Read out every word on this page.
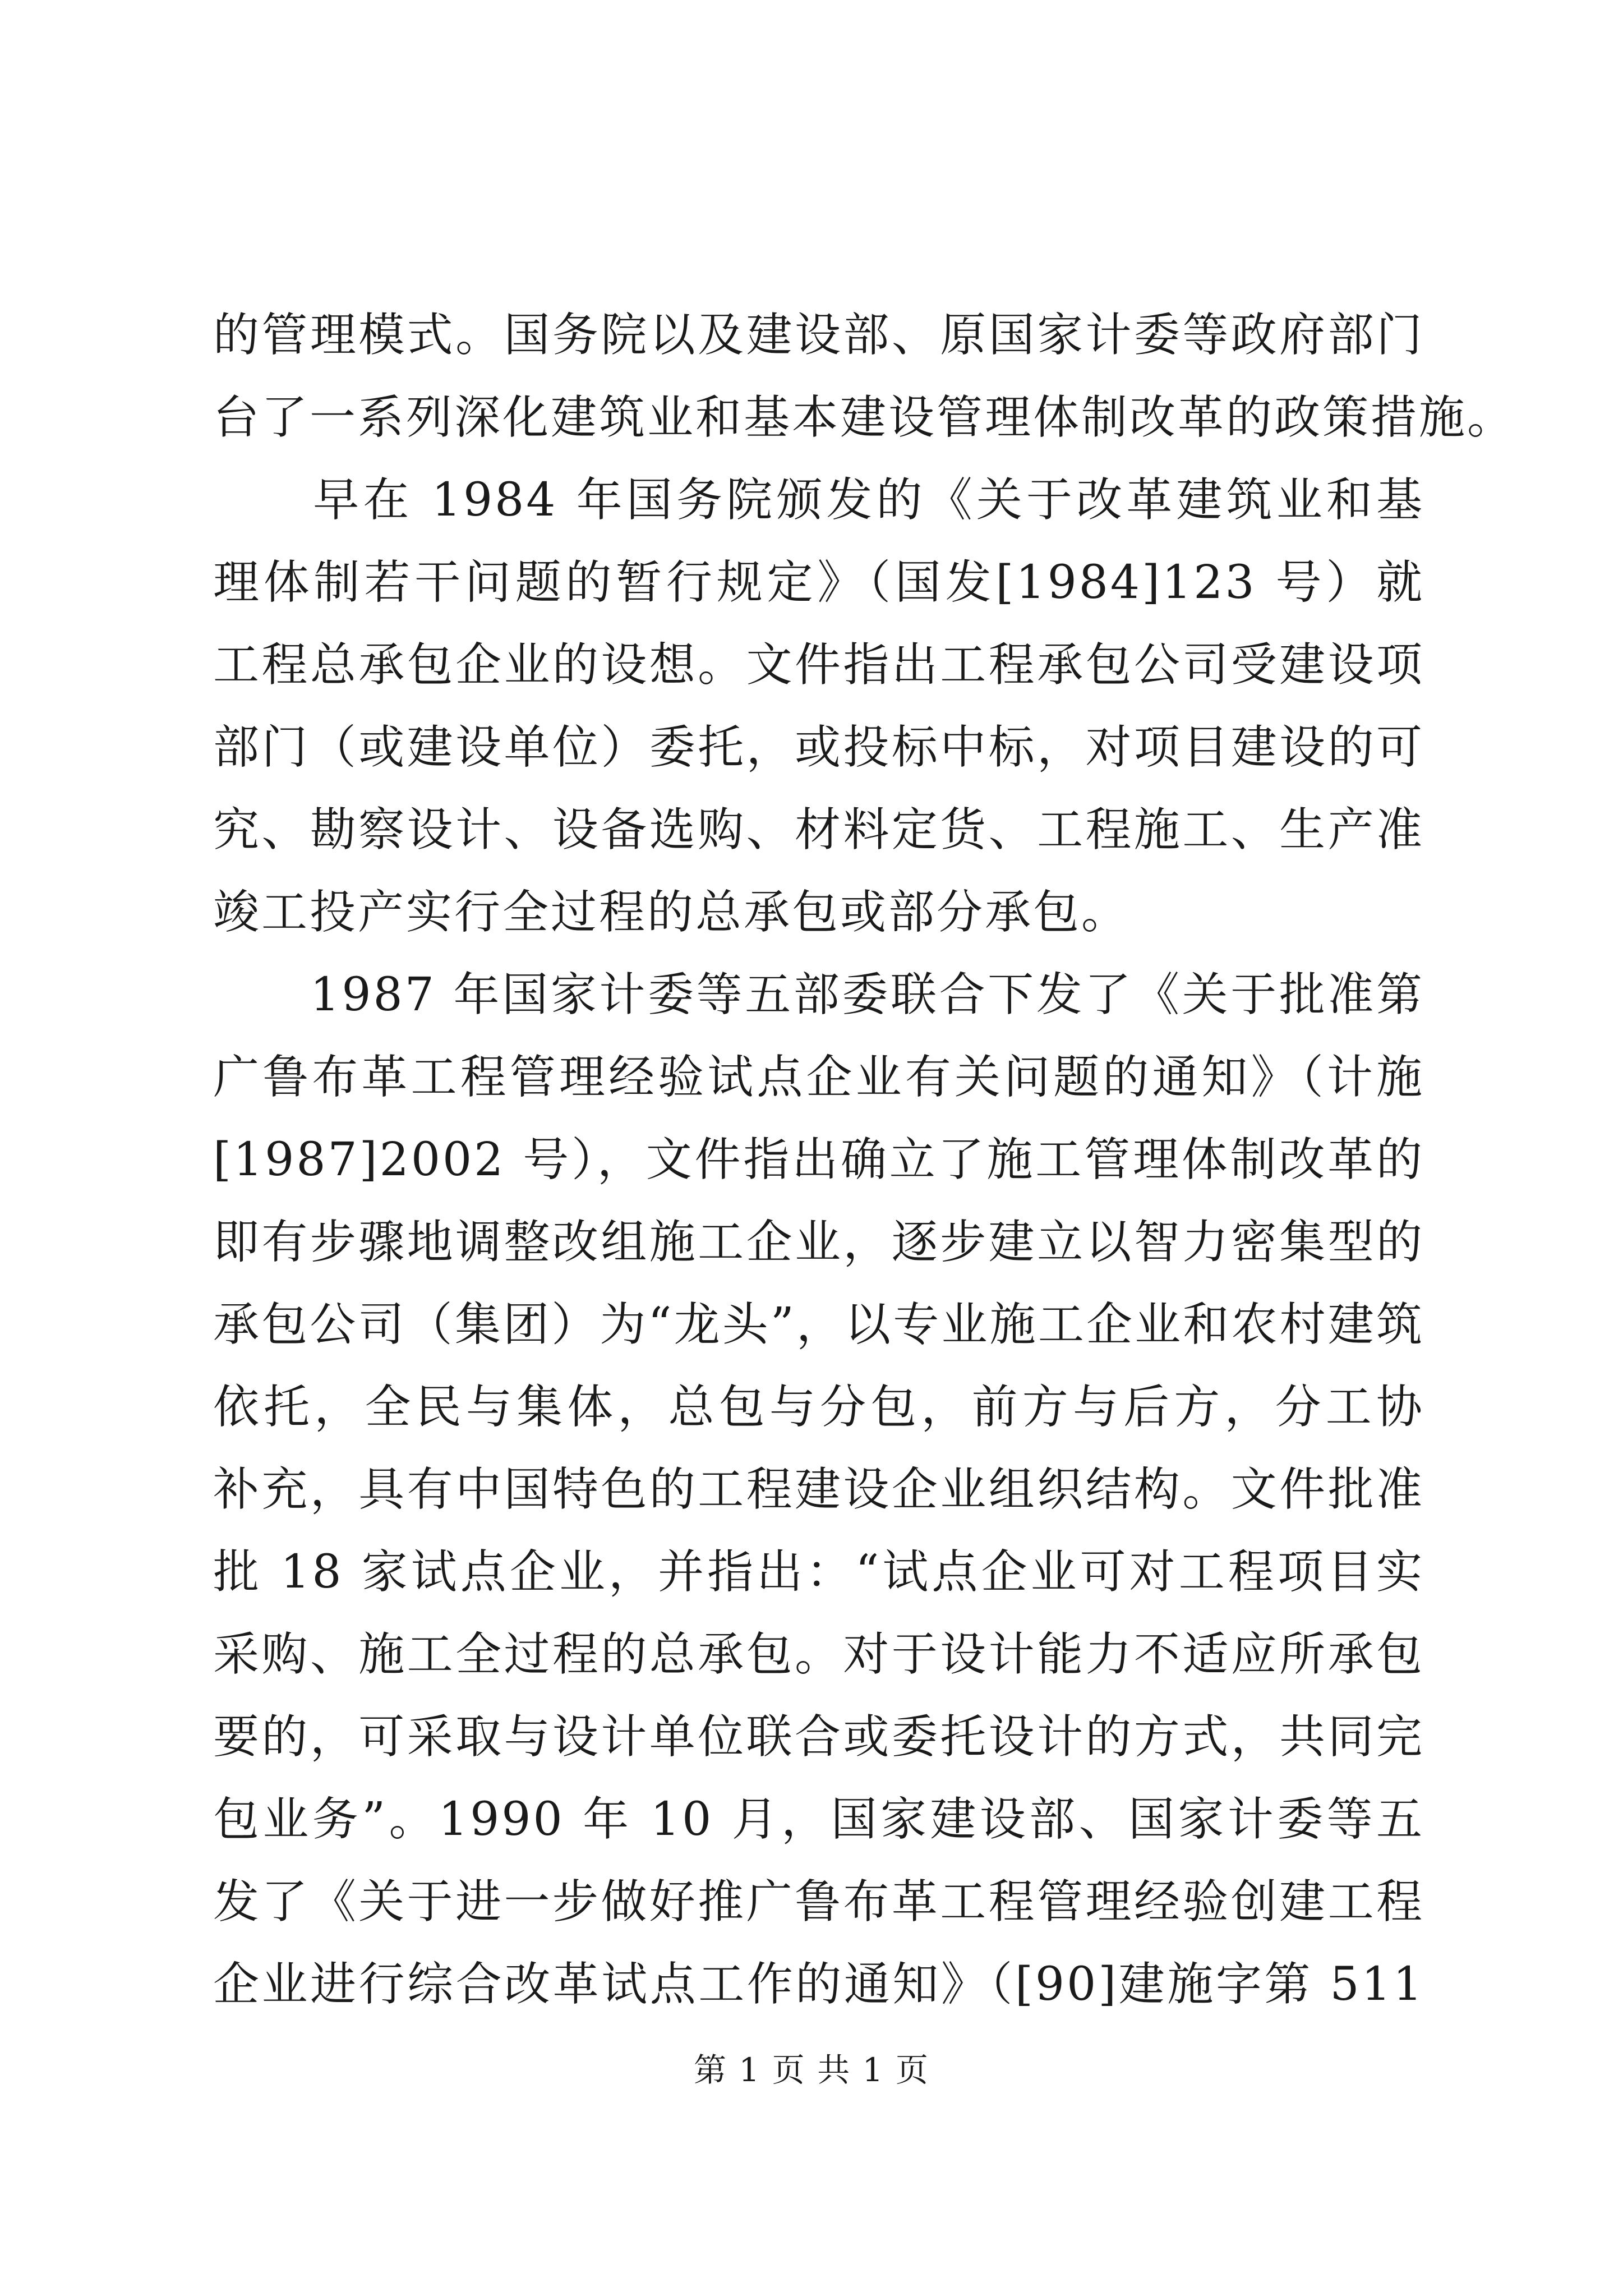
的管理模式。国务院以及建设部、原国家计委等政府部门
台了一系列深化建筑业和基本建设管理体制改革的政策措施。
　　早在 1984 年国务院颁发的《关于改革建筑业和基
理体制若干问题的暂行规定》（国发[1984]123 号）就
工程总承包企业的设想。文件指出工程承包公司受建设项
部门（或建设单位）委托，或投标中标，对项目建设的可
究、勘察设计、设备选购、材料定货、工程施工、生产准
竣工投产实行全过程的总承包或部分承包。
　　1987 年国家计委等五部委联合下发了《关于批准第
广鲁布革工程管理经验试点企业有关问题的通知》（计施
[1987]2002 号），文件指出确立了施工管理体制改革的
即有步骤地调整改组施工企业，逐步建立以智力密集型的
承包公司（集团）为“龙头”，以专业施工企业和农村建筑
依托，全民与集体，总包与分包，前方与后方，分工协
补充，具有中国特色的工程建设企业组织结构。文件批准
批 18 家试点企业，并指出：“试点企业可对工程项目实
采购、施工全过程的总承包。对于设计能力不适应所承包
要的，可采取与设计单位联合或委托设计的方式，共同完
包业务”。1990 年 10 月，国家建设部、国家计委等五
发了《关于进一步做好推广鲁布革工程管理经验创建工程
企业进行综合改革试点工作的通知》（[90]建施字第 511
第 1 页 共 1 页
